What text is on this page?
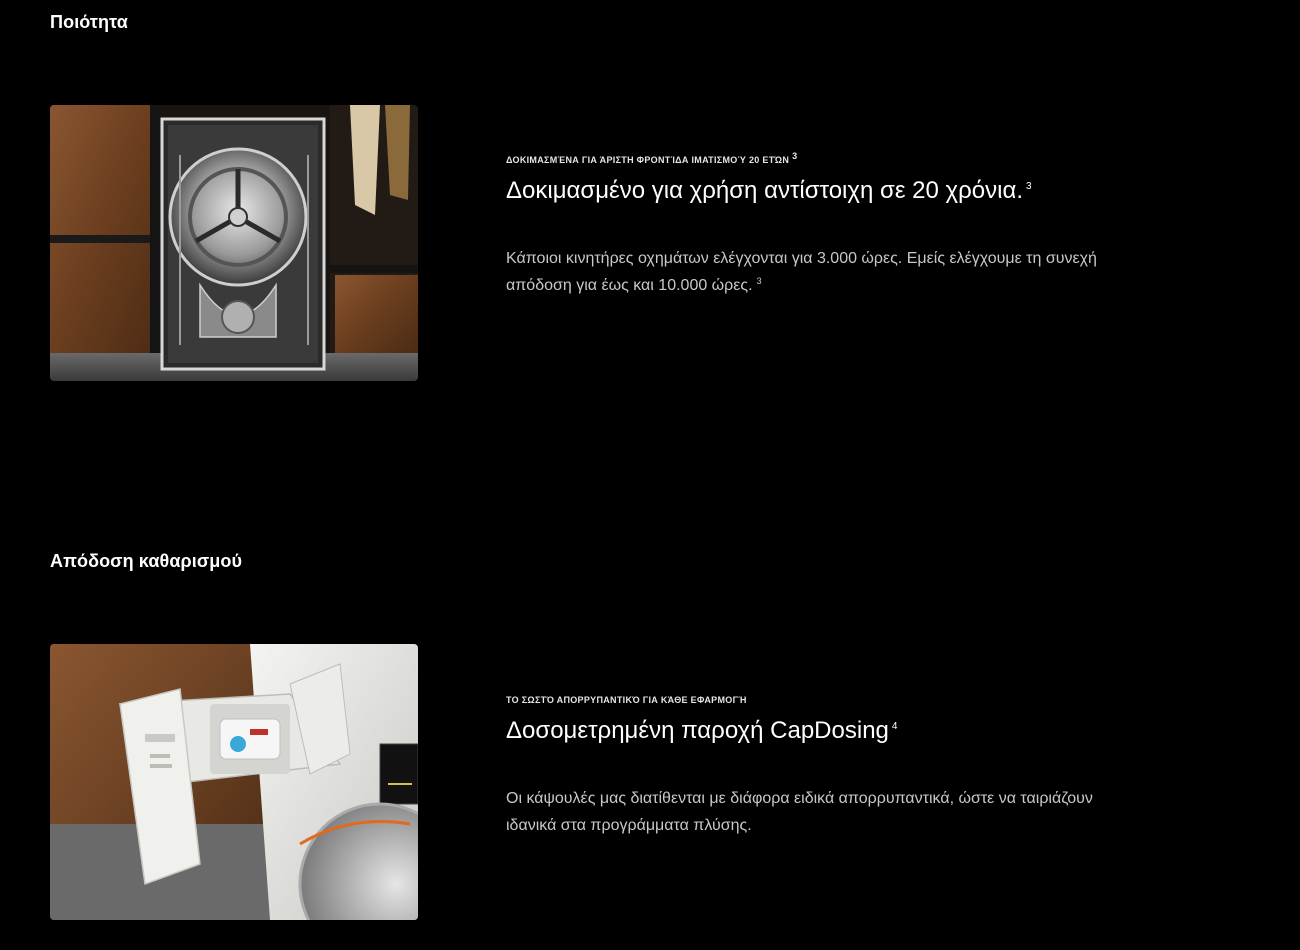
Ποιότητα

ΔΟΚΙΜΑΣΜΈΝΑ ΓΙΑ ΆΡΙΣΤΗ ΦΡΟΝΤΊΔΑ ΙΜΑΤΙΣΜΟΎ 20 ΕΤΏΝ $^3$

Δοκιμασμένο για χρήση αντίστοιχη σε 20 χρόνια. $^3$

Κάποιοι κινητήρες οχημάτων ελέγχονται για 3.000 ώρες. Εμείς ελέγχουμε τη συνεχή
απόδοση για έως και 10.000 ώρες. $^3$

Απόδοση καθαρισμού

ΤΟ ΣΩΣΤΌ ΑΠΟΡΡΥΠΑΝΤΙΚΌ ΓΙΑ ΚΆΘΕ ΕΦΑΡΜΟΓΉ

Δοσομετρημένη παροχή CapDosing $^4$

Οι κάψουλές μας διατίθενται με διάφορα ειδικά απορρυπαντικά, ώστε να ταιριάζουν
ιδανικά στα προγράμματα πλύσης.
